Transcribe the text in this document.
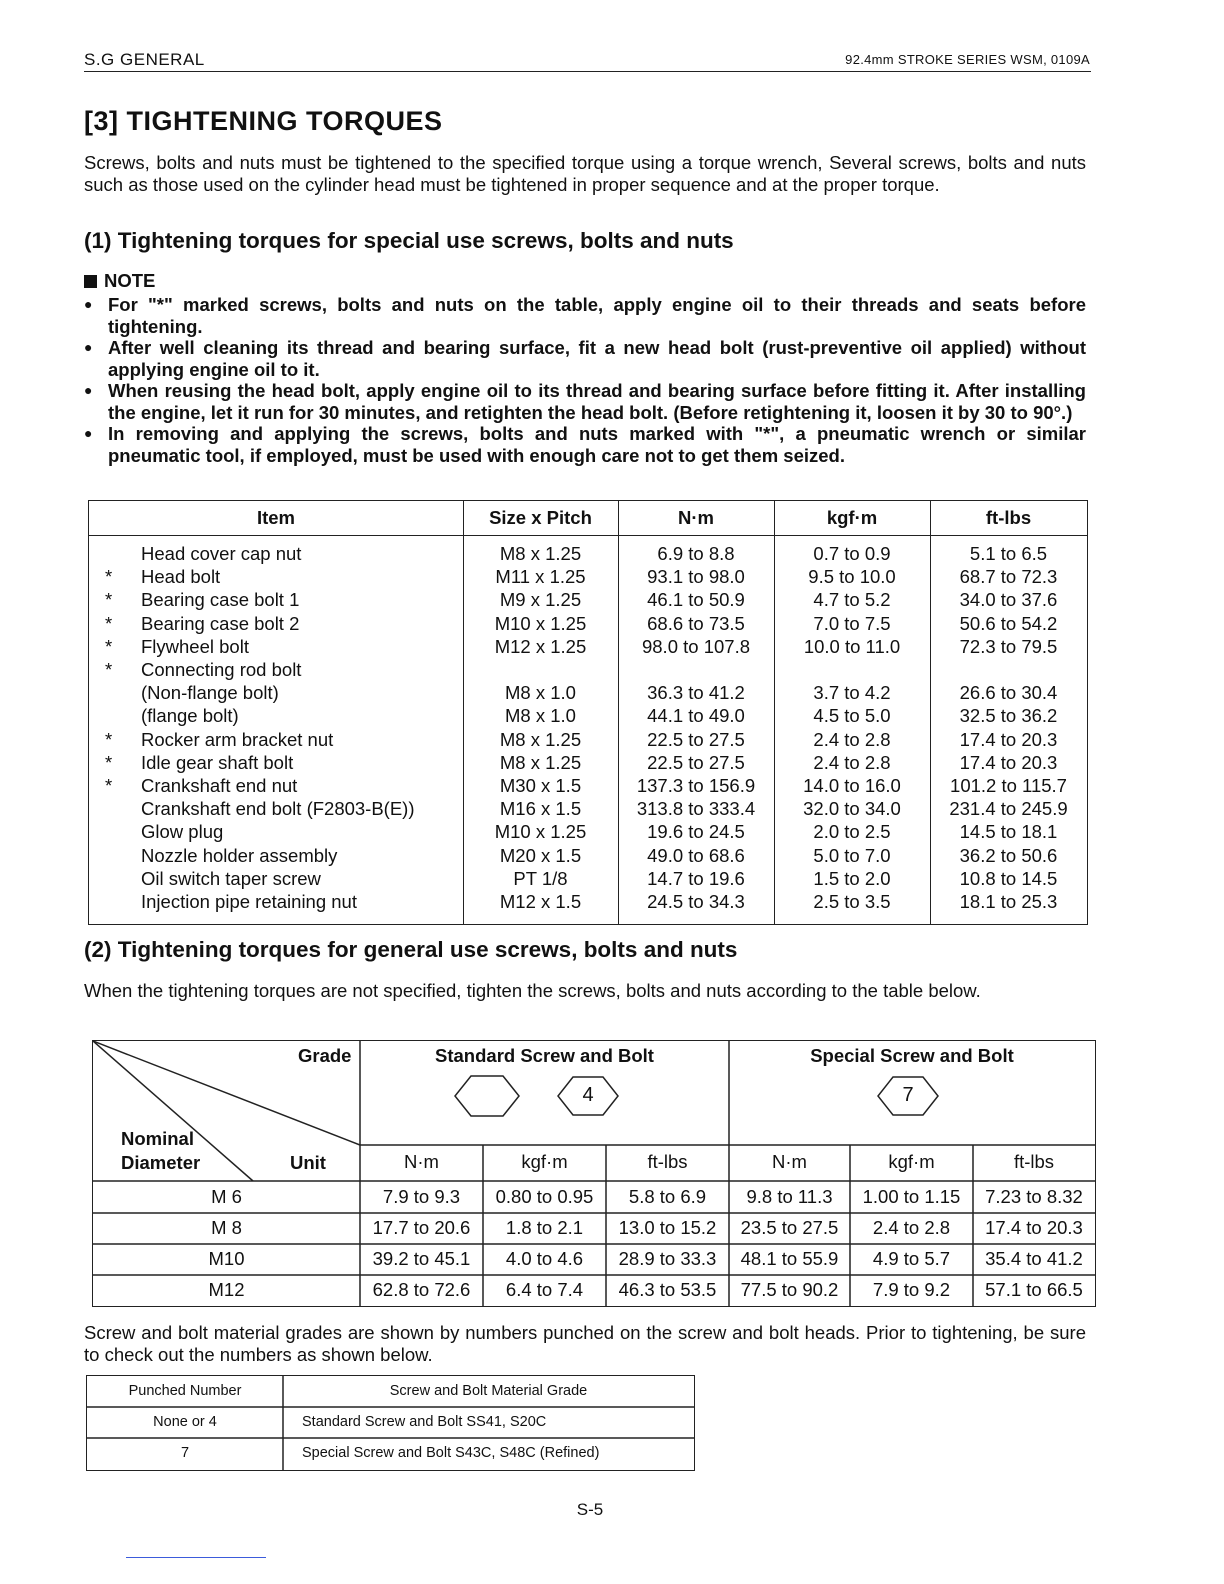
S.G GENERAL	92.4mm STROKE SERIES WSM, 0109A
[3] TIGHTENING TORQUES
Screws, bolts and nuts must be tightened to the specified torque using a torque wrench, Several screws, bolts and nuts such as those used on the cylinder head must be tightened in proper sequence and at the proper torque.
(1) Tightening torques for special use screws, bolts and nuts
NOTE
● For "*" marked screws, bolts and nuts on the table, apply engine oil to their threads and seats before tightening.
● After well cleaning its thread and bearing surface, fit a new head bolt (rust-preventive oil applied) without applying engine oil to it.
● When reusing the head bolt, apply engine oil to its thread and bearing surface before fitting it. After installing the engine, let it run for 30 minutes, and retighten the head bolt. (Before retightening it, loosen it by 30 to 90°.)
● In removing and applying the screws, bolts and nuts marked with "*", a pneumatic wrench or similar pneumatic tool, if employed, must be used with enough care not to get them seized.
Item	Size x Pitch	N·m	kgf·m	ft-lbs
Head cover cap nut	M8 x 1.25	6.9 to 8.8	0.7 to 0.9	5.1 to 6.5
* Head bolt	M11 x 1.25	93.1 to 98.0	9.5 to 10.0	68.7 to 72.3
* Bearing case bolt 1	M9 x 1.25	46.1 to 50.9	4.7 to 5.2	34.0 to 37.6
* Bearing case bolt 2	M10 x 1.25	68.6 to 73.5	7.0 to 7.5	50.6 to 54.2
* Flywheel bolt	M12 x 1.25	98.0 to 107.8	10.0 to 11.0	72.3 to 79.5
* Connecting rod bolt
(Non-flange bolt)	M8 x 1.0	36.3 to 41.2	3.7 to 4.2	26.6 to 30.4
(flange bolt)	M8 x 1.0	44.1 to 49.0	4.5 to 5.0	32.5 to 36.2
* Rocker arm bracket nut	M8 x 1.25	22.5 to 27.5	2.4 to 2.8	17.4 to 20.3
* Idle gear shaft bolt	M8 x 1.25	22.5 to 27.5	2.4 to 2.8	17.4 to 20.3
* Crankshaft end nut	M30 x 1.5	137.3 to 156.9	14.0 to 16.0	101.2 to 115.7
Crankshaft end bolt (F2803-B(E))	M16 x 1.5	313.8 to 333.4	32.0 to 34.0	231.4 to 245.9
Glow plug	M10 x 1.25	19.6 to 24.5	2.0 to 2.5	14.5 to 18.1
Nozzle holder assembly	M20 x 1.5	49.0 to 68.6	5.0 to 7.0	36.2 to 50.6
Oil switch taper screw	PT 1/8	14.7 to 19.6	1.5 to 2.0	10.8 to 14.5
Injection pipe retaining nut	M12 x 1.5	24.5 to 34.3	2.5 to 3.5	18.1 to 25.3
(2) Tightening torques for general use screws, bolts and nuts
When the tightening torques are not specified, tighten the screws, bolts and nuts according to the table below.
Grade
Nominal
Diameter	Unit
Standard Screw and Bolt	Special Screw and Bolt
4	7
N·m	kgf·m	ft-lbs	N·m	kgf·m	ft-lbs
M 6	7.9 to 9.3	0.80 to 0.95	5.8 to 6.9	9.8 to 11.3	1.00 to 1.15	7.23 to 8.32
M 8	17.7 to 20.6	1.8 to 2.1	13.0 to 15.2	23.5 to 27.5	2.4 to 2.8	17.4 to 20.3
M10	39.2 to 45.1	4.0 to 4.6	28.9 to 33.3	48.1 to 55.9	4.9 to 5.7	35.4 to 41.2
M12	62.8 to 72.6	6.4 to 7.4	46.3 to 53.5	77.5 to 90.2	7.9 to 9.2	57.1 to 66.5
Screw and bolt material grades are shown by numbers punched on the screw and bolt heads. Prior to tightening, be sure to check out the numbers as shown below.
Punched Number	Screw and Bolt Material Grade
None or 4	Standard Screw and Bolt SS41, S20C
7	Special Screw and Bolt S43C, S48C (Refined)
S-5
